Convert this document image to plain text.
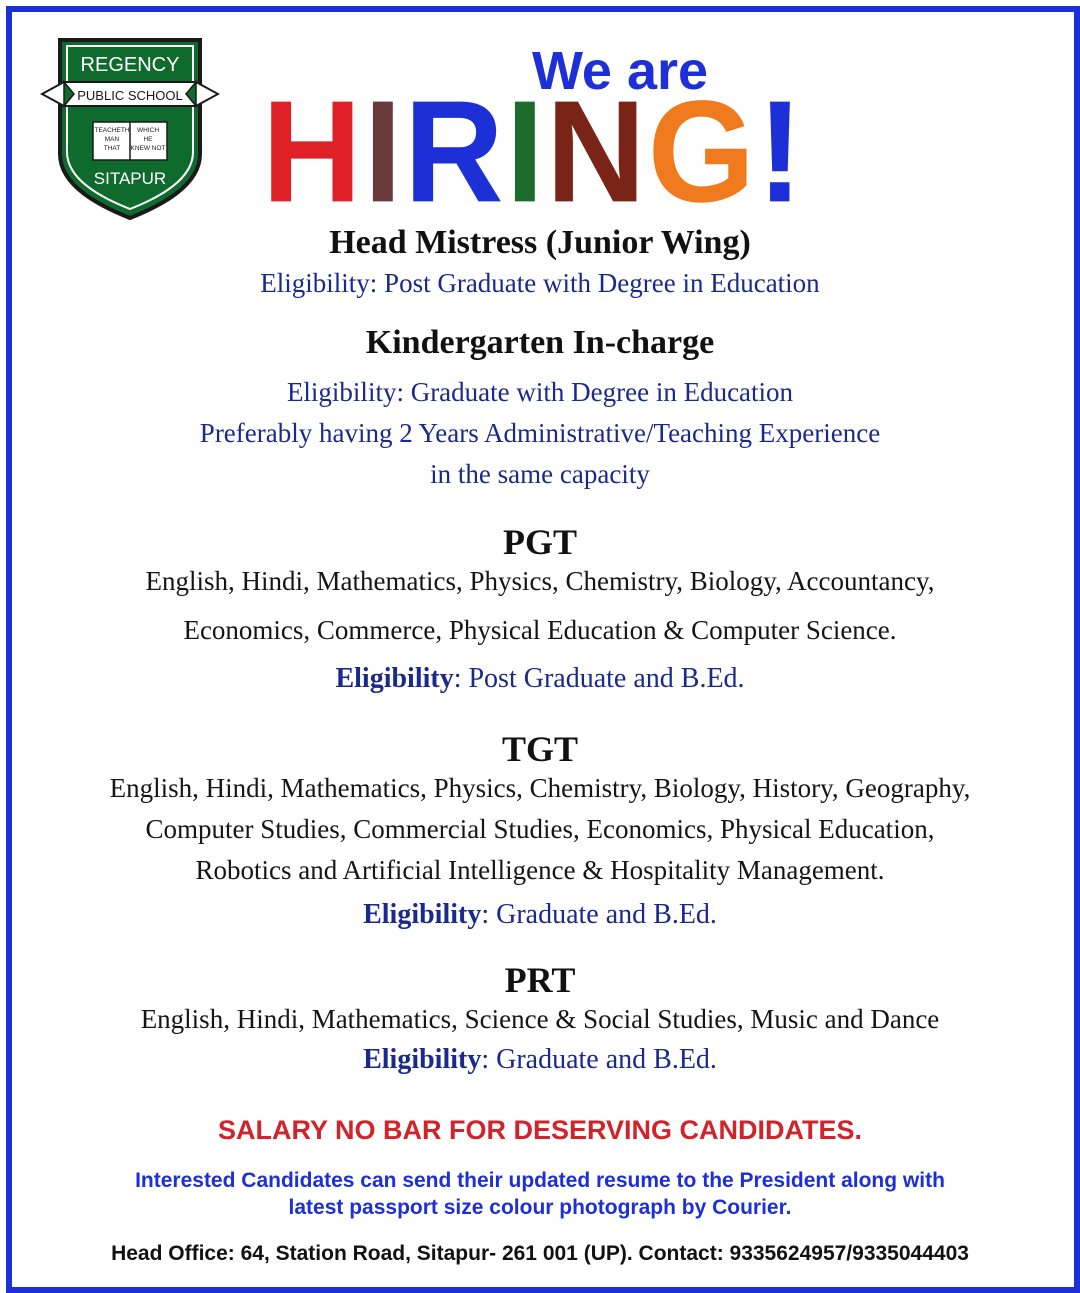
REGENCY
PUBLIC SCHOOL
TEACHETH
MAN
THAT
WHICH
HE
KNEW NOT
SITAPUR
We are
HIRING!
Head Mistress (Junior Wing)
Eligibility: Post Graduate with Degree in Education
Kindergarten In-charge
Eligibility: Graduate with Degree in Education
Preferably having 2 Years Administrative/Teaching Experience
in the same capacity
PGT
English, Hindi, Mathematics, Physics, Chemistry, Biology, Accountancy,
Economics, Commerce, Physical Education & Computer Science.
Eligibility: Post Graduate and B.Ed.
TGT
English, Hindi, Mathematics, Physics, Chemistry, Biology, History, Geography,
Computer Studies, Commercial Studies, Economics, Physical Education,
Robotics and Artificial Intelligence & Hospitality Management.
Eligibility: Graduate and B.Ed.
PRT
English, Hindi, Mathematics, Science & Social Studies, Music and Dance
Eligibility: Graduate and B.Ed.
SALARY NO BAR FOR DESERVING CANDIDATES.
Interested Candidates can send their updated resume to the President along with
latest passport size colour photograph by Courier.
Head Office: 64, Station Road, Sitapur- 261 001 (UP). Contact: 9335624957/9335044403
